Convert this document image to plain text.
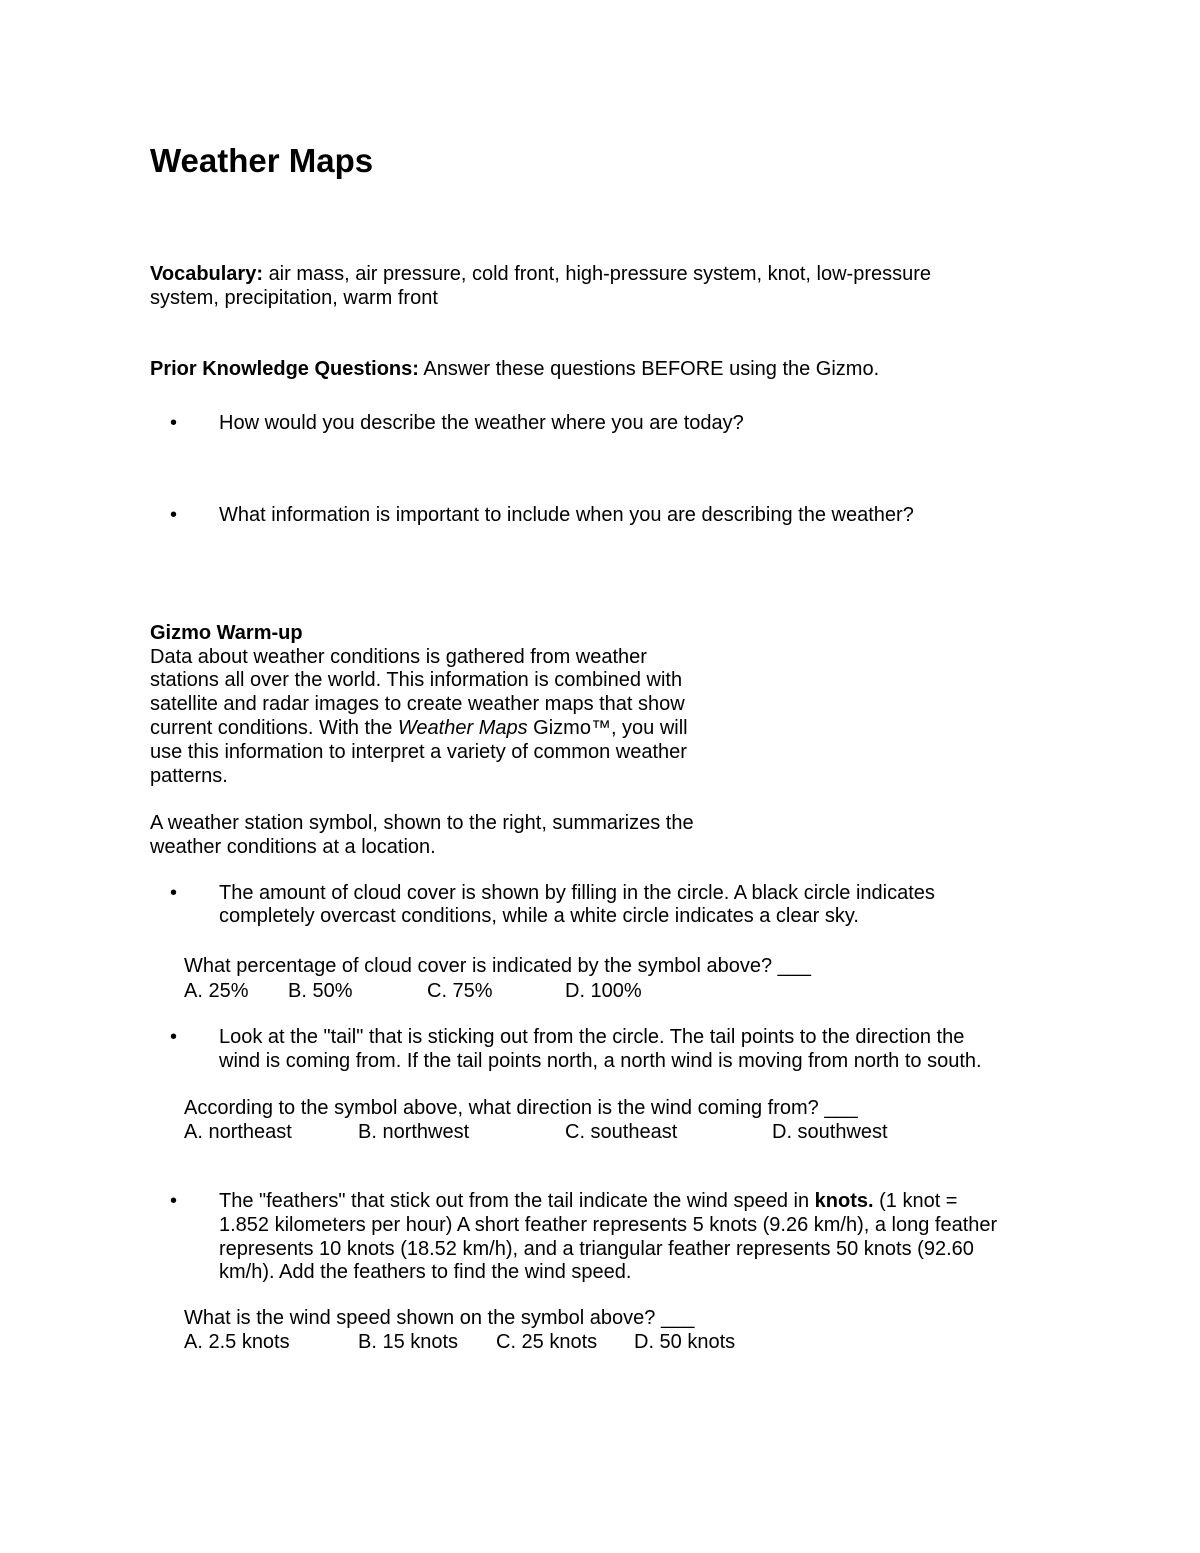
Weather Maps
Vocabulary: air mass, air pressure, cold front, high-pressure system, knot, low-pressure
system, precipitation, warm front
Prior Knowledge Questions: Answer these questions BEFORE using the Gizmo.
• How would you describe the weather where you are today?
• What information is important to include when you are describing the weather?
Gizmo Warm-up
Data about weather conditions is gathered from weather
stations all over the world. This information is combined with
satellite and radar images to create weather maps that show
current conditions. With the Weather Maps Gizmo™, you will
use this information to interpret a variety of common weather
patterns.
A weather station symbol, shown to the right, summarizes the
weather conditions at a location.
• The amount of cloud cover is shown by filling in the circle. A black circle indicates
completely overcast conditions, while a white circle indicates a clear sky.
What percentage of cloud cover is indicated by the symbol above? ___
A. 25% B. 50%	C. 75%	D. 100%
• Look at the "tail" that is sticking out from the circle. The tail points to the direction the
wind is coming from. If the tail points north, a north wind is moving from north to south.
According to the symbol above, what direction is the wind coming from? ___
A. northeast	B. northwest	C. southeast	D. southwest
• The "feathers" that stick out from the tail indicate the wind speed in knots. (1 knot =
1.852 kilometers per hour) A short feather represents 5 knots (9.26 km/h), a long feather
represents 10 knots (18.52 km/h), and a triangular feather represents 50 knots (92.60
km/h). Add the feathers to find the wind speed.
What is the wind speed shown on the symbol above? ___
A. 2.5 knots	B. 15 knots C. 25 knots D. 50 knots
